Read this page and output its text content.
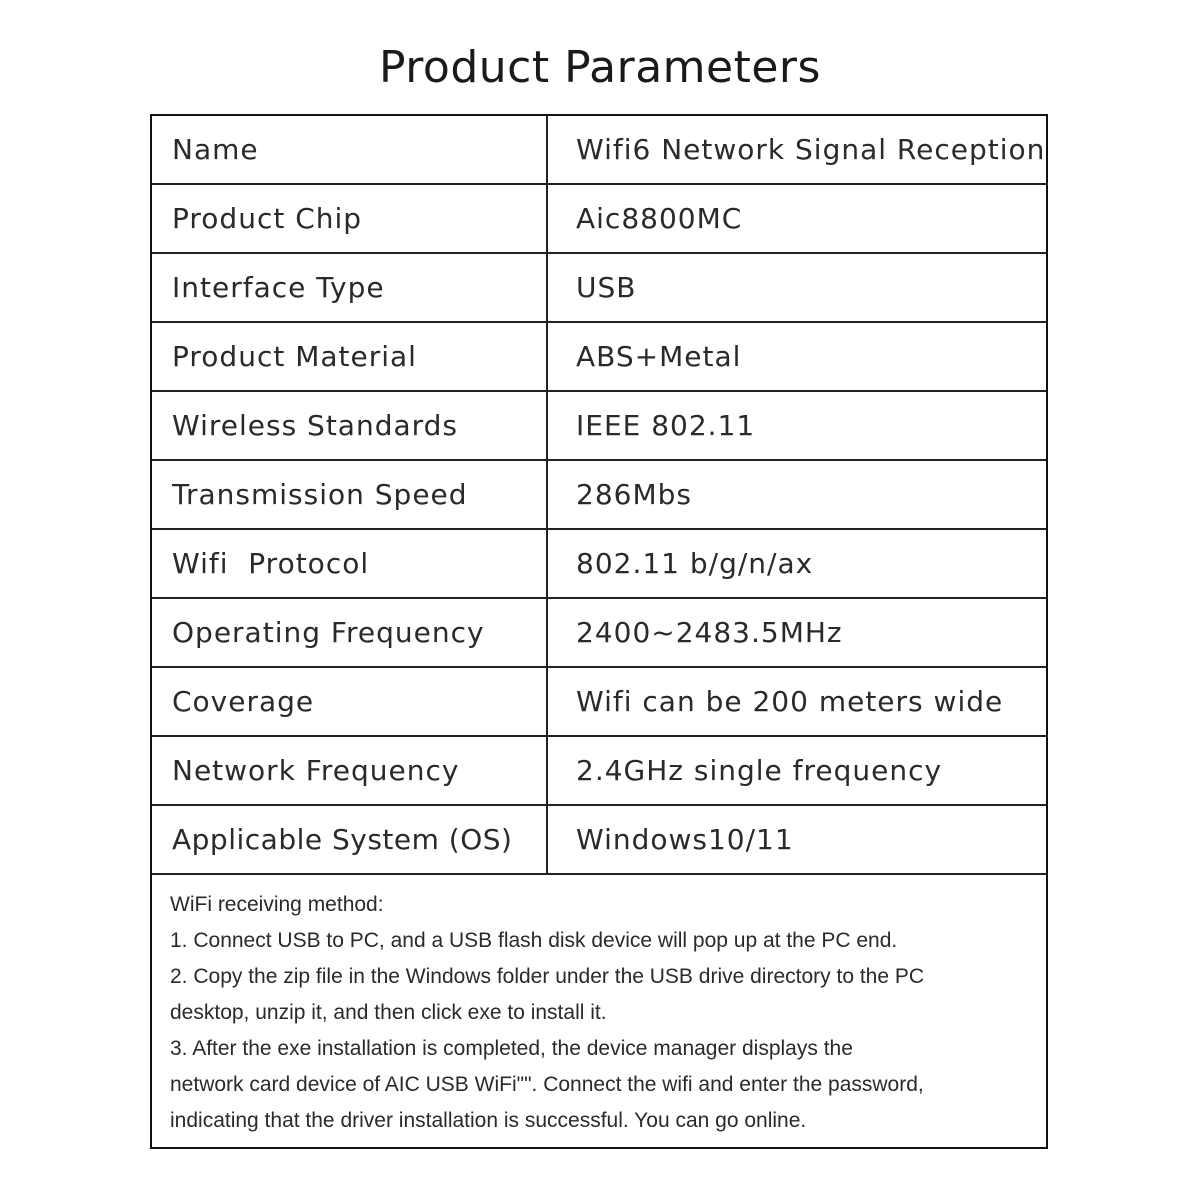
Product Parameters
Name	Wifi6 Network Signal Reception
Product Chip	Aic8800MC
Interface Type	USB
Product Material	ABS+Metal
Wireless Standards	IEEE 802.11
Transmission Speed	286Mbs
Wifi  Protocol	802.11 b/g/n/ax
Operating Frequency	2400~2483.5MHz
Coverage	Wifi can be 200 meters wide
Network Frequency	2.4GHz single frequency
Applicable System (OS)	Windows10/11
WiFi receiving method:
1. Connect USB to PC, and a USB flash disk device will pop up at the PC end.
2. Copy the zip file in the Windows folder under the USB drive directory to the PC
desktop, unzip it, and then click exe to install it.
3. After the exe installation is completed, the device manager displays the
network card device of AIC USB WiFi"". Connect the wifi and enter the password,
indicating that the driver installation is successful. You can go online.
